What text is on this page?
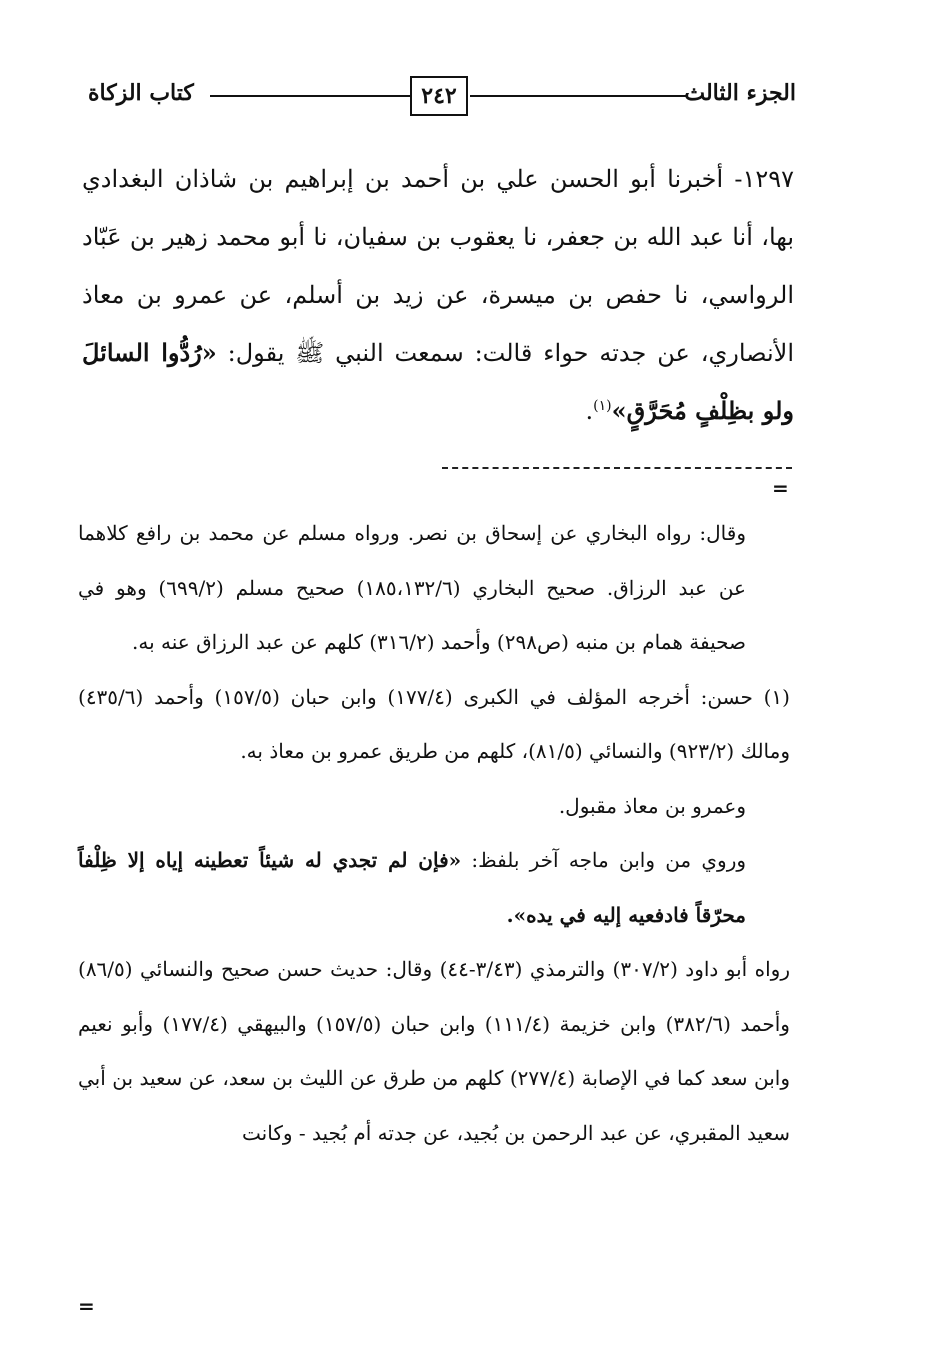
الجزء الثالث
٢٤٢
كتاب الزكاة
١٢٩٧- أخبرنا أبو الحسن علي بن أحمد بن إبراهيم بن شاذان البغدادي بها، أنا عبد الله بن جعفر، نا يعقوب بن سفيان، نا أبو محمد زهير بن عَبّاد الرواسي، نا حفص بن ميسرة، عن زيد بن أسلم، عن عمرو بن معاذ الأنصاري، عن جدته حواء قالت: سمعت النبي ﷺ يقول: «رُدُّوا السائلَ ولو بظِلْفٍ مُحَرَّقٍ»$^{(١)}$.
=

وقال: رواه البخاري عن إسحاق بن نصر. ورواه مسلم عن محمد بن رافع كلاهما عن عبد الرزاق. صحيح البخاري (١٨٥،١٣٢/٦) صحيح مسلم (٦٩٩/٢) وهو في صحيفة همام بن منبه (ص٢٩٨) وأحمد (٣١٦/٢) كلهم عن عبد الرزاق عنه به.

(١) حسن: أخرجه المؤلف في الكبرى (١٧٧/٤) وابن حبان (١٥٧/٥) وأحمد (٤٣٥/٦) ومالك (٩٢٣/٢) والنسائي (٨١/٥)، كلهم من طريق عمرو بن معاذ به.

وعمرو بن معاذ مقبول.

وروي من وابن ماجه آخر بلفظ: «فإن لم تجدي له شيئاً تعطينه إياه إلا ظِلْفاً محرّقاً فادفعيه إليه في يده».

رواه أبو داود (٣٠٧/٢) والترمذي (٣/٤٣-٤٤) وقال: حديث حسن صحيح والنسائي (٨٦/٥) وأحمد (٣٨٢/٦) وابن خزيمة (١١١/٤) وابن حبان (١٥٧/٥) والبيهقي (١٧٧/٤) وأبو نعيم وابن سعد كما في الإصابة (٢٧٧/٤) كلهم من طرق عن الليث بن سعد، عن سعيد بن أبي سعيد المقبري، عن عبد الرحمن بن بُجيد، عن جدته أم بُجيد - وكانت

=
